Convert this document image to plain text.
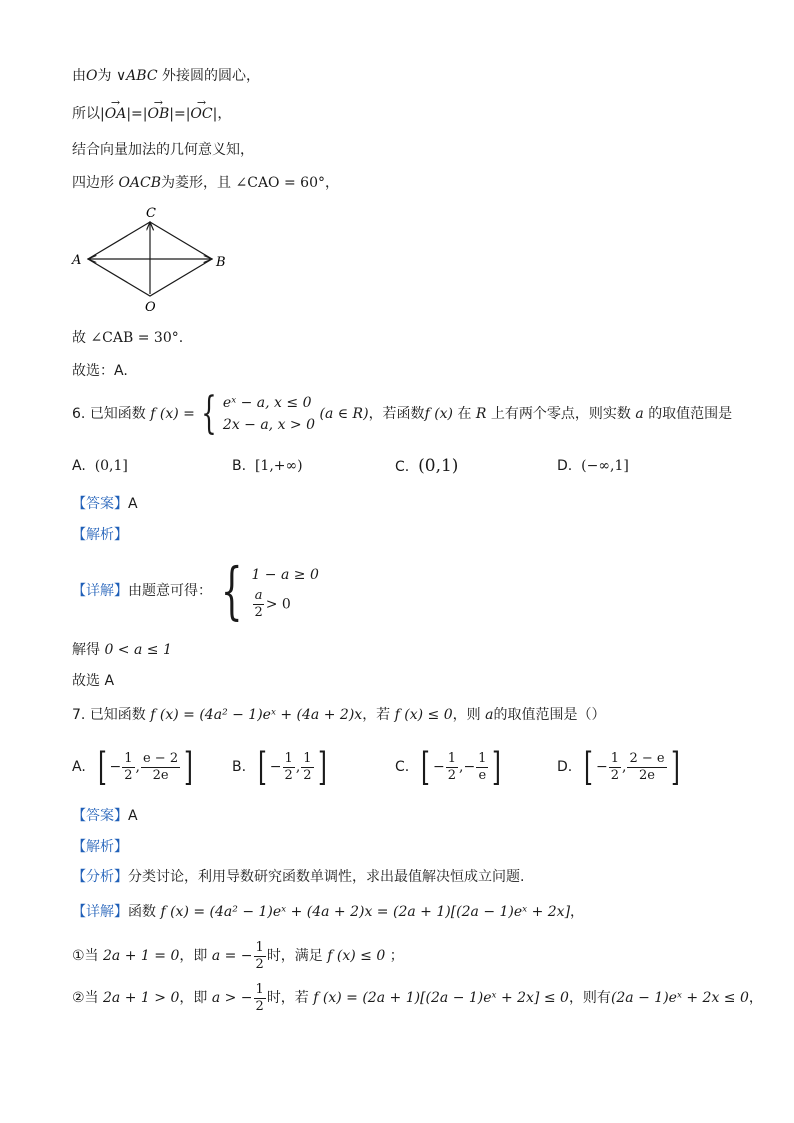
由O为 ∨ABC 外接圆的圆心，
所以|→ OA|=|→ OB|=|→ OC|，
结合向量加法的几何意义知，
四边形 OACB为菱形，且 ∠CAO = 60°，
C
A	B
O
故 ∠CAB = 30°.
故选：A.
6. 已知函数 f (x) = { eˣ − a, x ≤ 0
2x − a, x > 0
(a ∈ R)，若函数f (x) 在 R 上有两个零点，则实数 a 的取值范围是
A. (0,1]	B. [1,+∞)	C. (0,1)	D. (−∞,1]
【答案】A
【解析】
【详解】由题意可得： { 1 − a ≥ 0
$\frac{a}{2} > 0$
解得 0 < a ≤ 1
故选 A
7. 已知函数 f (x) = (4a² − 1)eˣ + (4a + 2)x，若 f (x) ≤ 0，则 a的取值范围是（）
A. [ − $\frac{1}{2}$ , $\frac{e - 2}{2e}$ ]	B. [ − $\frac{1}{2}$ , $\frac{1}{2}$ ]	C. [ − $\frac{1}{2}$ ,− $\frac{1}{e}$ ]	D. [ − $\frac{1}{2}$ , $\frac{2 - e}{2e}$ ]
【答案】A
【解析】
【分析】分类讨论，利用导数研究函数单调性，求出最值解决恒成立问题.
【详解】函数 f (x) = (4a² − 1)eˣ + (4a + 2)x = (2a + 1)[(2a − 1)eˣ + 2x]，
①当 2a + 1 = 0，即 a = − $\frac{1}{2}$ 时，满足 f (x) ≤ 0 ；
②当 2a + 1 > 0，即 a > − $\frac{1}{2}$ 时，若 f (x) = (2a + 1)[(2a − 1)eˣ + 2x] ≤ 0，则有(2a − 1)eˣ + 2x ≤ 0，
